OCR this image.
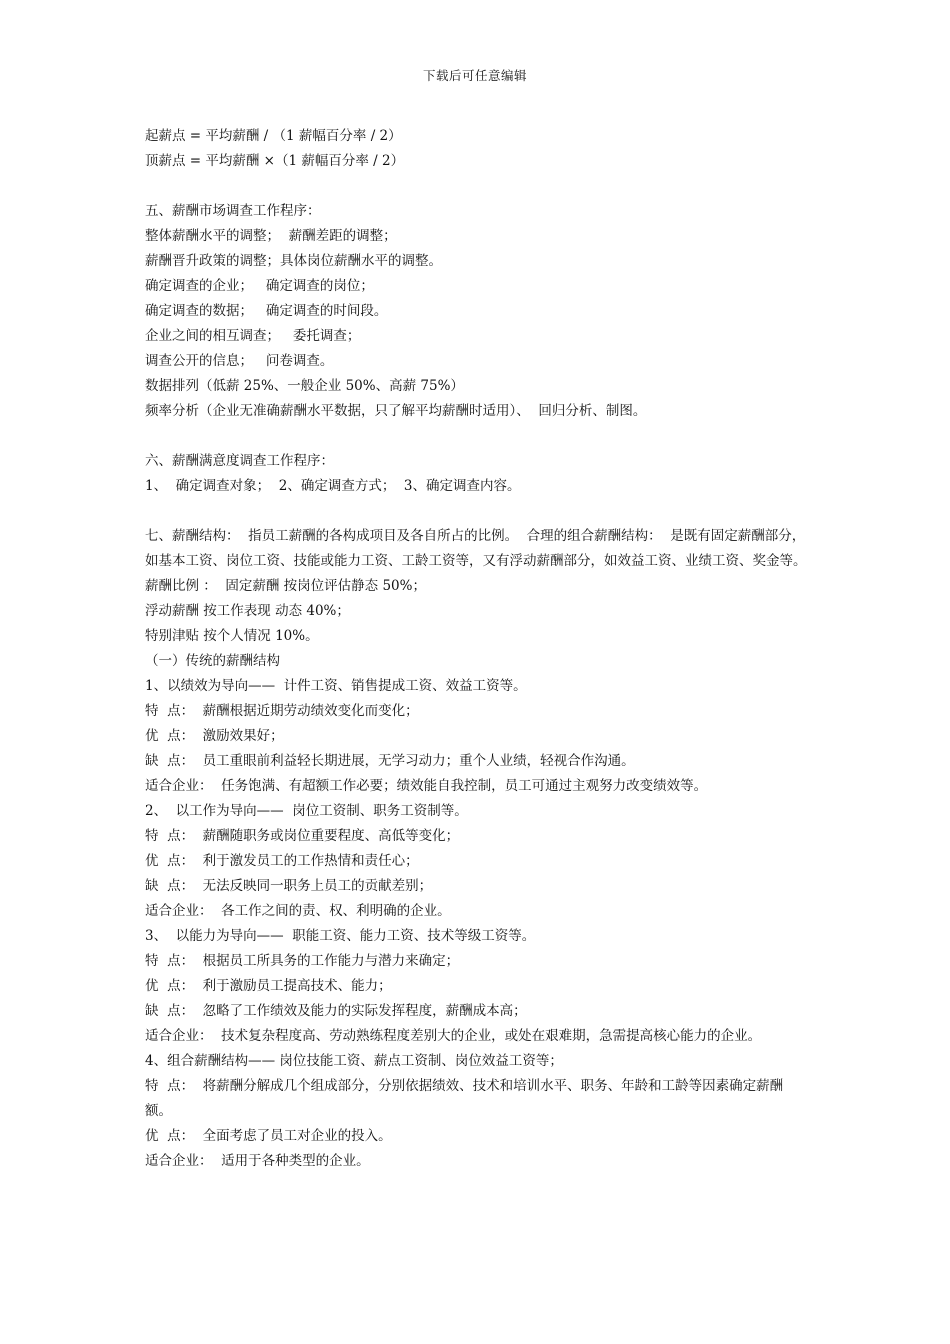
下载后可任意编辑
起薪点 = 平均薪酬 / （1 薪幅百分率 / 2）
顶薪点 = 平均薪酬 ×（1 薪幅百分率 / 2）
五、薪酬市场调查工作程序：
整体薪酬水平的调整；  薪酬差距的调整；
薪酬晋升政策的调整；具体岗位薪酬水平的调整。
确定调查的企业；   确定调查的岗位；
确定调查的数据；   确定调查的时间段。
企业之间的相互调查；   委托调查；
调查公开的信息；   问卷调查。
数据排列（低薪 25%、一般企业 50%、高薪 75%）
频率分析（企业无准确薪酬水平数据，只了解平均薪酬时适用）、  回归分析、制图。
六、薪酬满意度调查工作程序：
1、  确定调查对象；  2、确定调查方式；  3、确定调查内容。
七、薪酬结构：  指员工薪酬的各构成项目及各自所占的比例。  合理的组合薪酬结构：  是既有固定薪酬部分，如基本工资、岗位工资、技能或能力工资、工龄工资等，又有浮动薪酬部分，如效益工资、业绩工资、奖金等。
薪酬比例 ：  固定薪酬 按岗位评估静态 50%；
浮动薪酬 按工作表现 动态 40%；
特别津贴 按个人情况 10%。
（一）传统的薪酬结构
1、以绩效为导向——  计件工资、销售提成工资、效益工资等。
特  点：  薪酬根据近期劳动绩效变化而变化；
优  点：  激励效果好；
缺  点：  员工重眼前利益轻长期进展，无学习动力；重个人业绩，轻视合作沟通。
适合企业：  任务饱满、有超额工作必要；绩效能自我控制，员工可通过主观努力改变绩效等。
2、  以工作为导向——  岗位工资制、职务工资制等。
特  点：  薪酬随职务或岗位重要程度、高低等变化；
优  点：  利于激发员工的工作热情和责任心；
缺  点：  无法反映同一职务上员工的贡献差别；
适合企业：  各工作之间的责、权、利明确的企业。
3、  以能力为导向——  职能工资、能力工资、技术等级工资等。
特  点：  根据员工所具务的工作能力与潜力来确定；
优  点：  利于激励员工提高技术、能力；
缺  点：  忽略了工作绩效及能力的实际发挥程度，薪酬成本高；
适合企业：  技术复杂程度高、劳动熟练程度差别大的企业，或处在艰难期，急需提高核心能力的企业。
4、组合薪酬结构—— 岗位技能工资、薪点工资制、岗位效益工资等；
特  点：  将薪酬分解成几个组成部分，分别依据绩效、技术和培训水平、职务、年龄和工龄等因素确定薪酬额。
优  点：  全面考虑了员工对企业的投入。
适合企业：  适用于各种类型的企业。
